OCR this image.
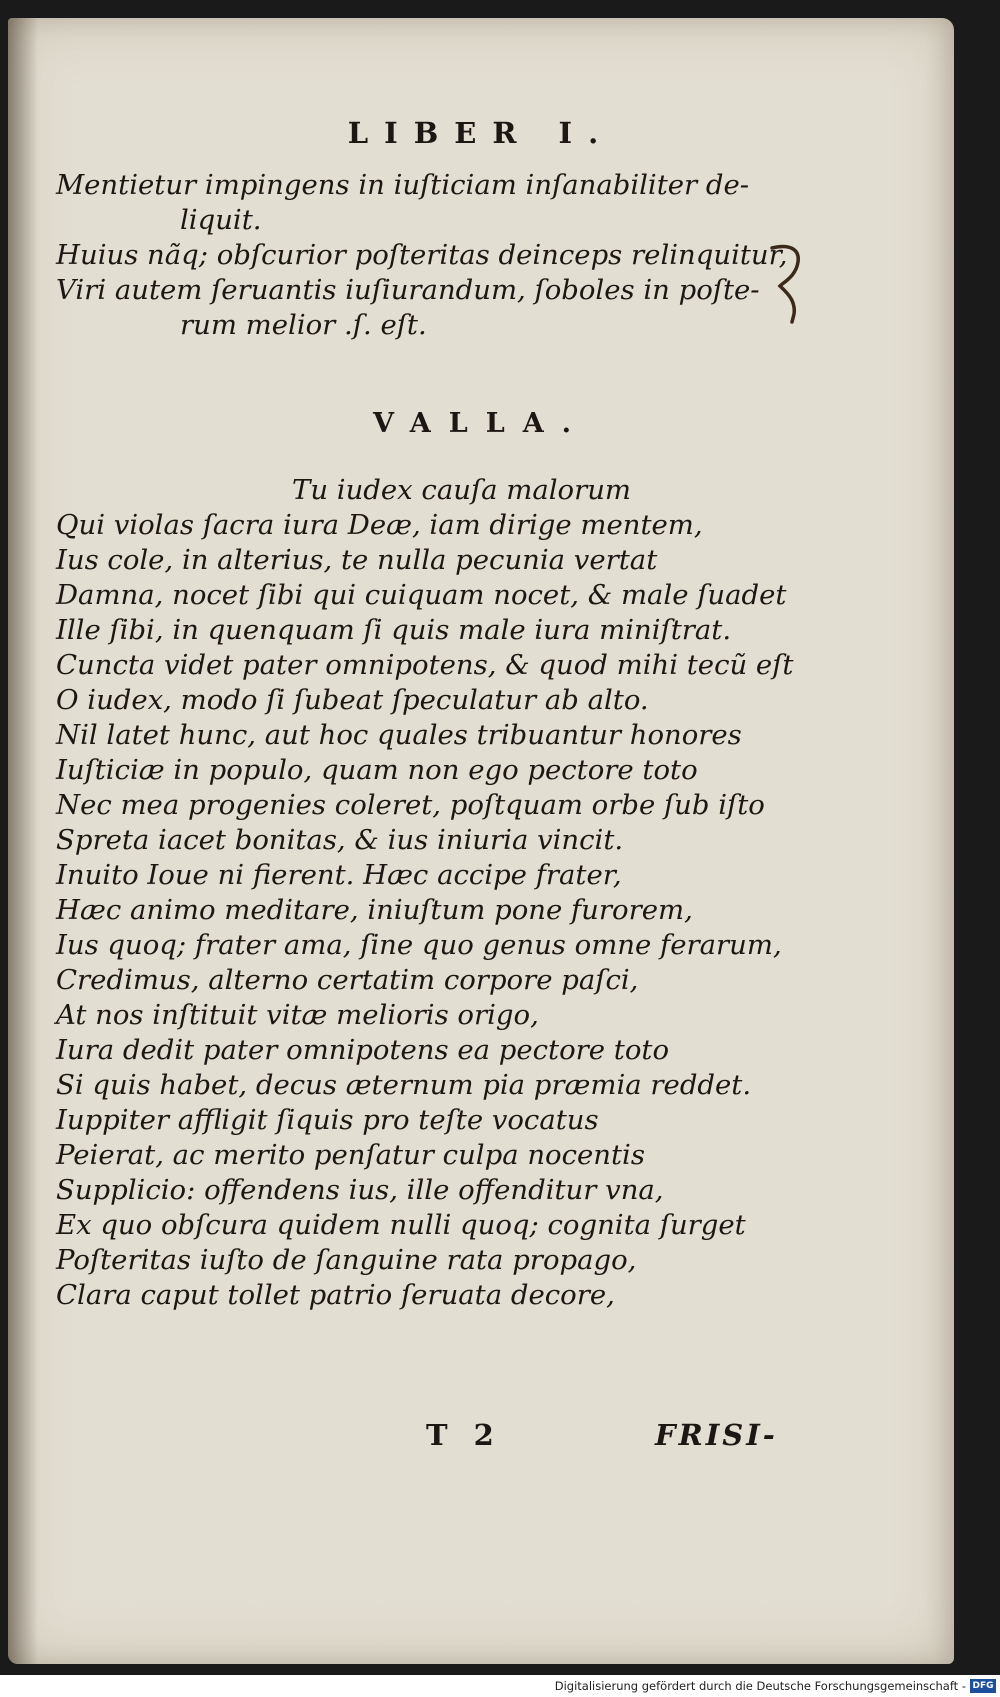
LIBER I.
Mentietur impingens in iuſticiam inſanabiliter de-
liquit.
Huius nãq; obſcurior poſteritas deinceps relinquitur,
Viri autem ſeruantis iuſiurandum, ſoboles in poſte-
rum melior .ſ. eſt.
VALLA.
Tu iudex cauſa malorum
Qui violas ſacra iura Deæ, iam dirige mentem,
Ius cole, in alterius, te nulla pecunia vertat
Damna, nocet ſibi qui cuiquam nocet, & male ſuadet
Ille ſibi, in quenquam ſi quis male iura miniſtrat.
Cuncta videt pater omnipotens, & quod mihi tecũ eſt
O iudex, modo ſi ſubeat ſpeculatur ab alto.
Nil latet hunc, aut hoc quales tribuantur honores
Iuſticiæ in populo, quam non ego pectore toto
Nec mea progenies coleret, poſtquam orbe ſub iſto
Spreta iacet bonitas, & ius iniuria vincit.
Inuito Ioue ni fierent. Hæc accipe frater,
Hæc animo meditare, iniuſtum pone furorem,
Ius quoq; frater ama, ſine quo genus omne ferarum,
Credimus, alterno certatim corpore paſci,
At nos inſtituit vitæ melioris origo,
Iura dedit pater omnipotens ea pectore toto
Si quis habet, decus æternum pia præmia reddet.
Iuppiter affligit ſiquis pro teſte vocatus
Peierat, ac merito penſatur culpa nocentis
Supplicio: offendens ius, ille offenditur vna,
Ex quo obſcura quidem nulli quoq; cognita ſurget
Poſteritas iuſto de ſanguine rata propago,
Clara caput tollet patrio ſeruata decore,
T 2	FRISI-
Digitalisierung gefördert durch die Deutsche Forschungsgemeinschaft - DFG
